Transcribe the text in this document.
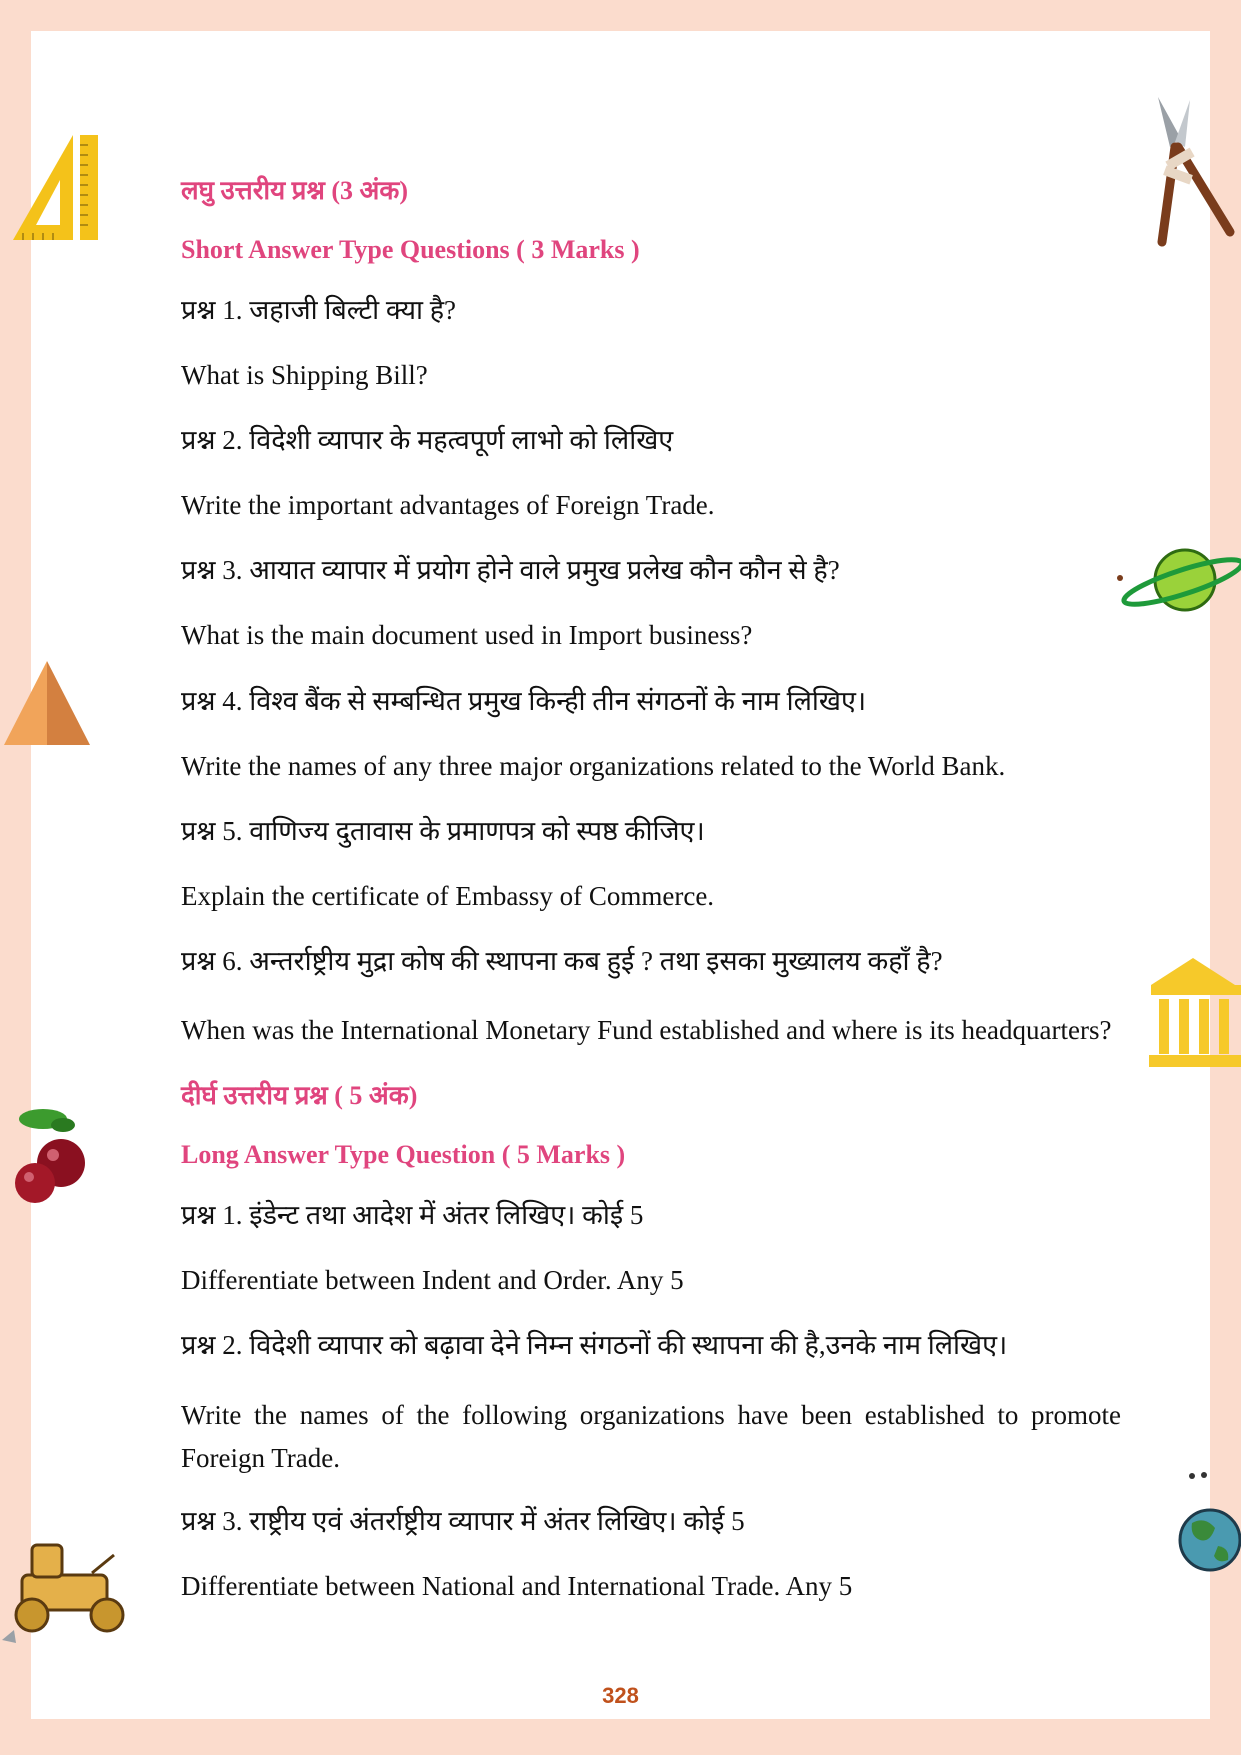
लघु उत्तरीय प्रश्न (3 अंक)

Short Answer Type Questions ( 3 Marks )

प्रश्न 1. जहाजी बिल्टी क्या है?

What is Shipping Bill?

प्रश्न 2. विदेशी व्यापार के महत्वपूर्ण लाभो को लिखिए

Write the important advantages of Foreign Trade.

प्रश्न 3. आयात व्यापार में प्रयोग होने वाले प्रमुख प्रलेख कौन कौन से है?

What is the main document used in Import business?

प्रश्न 4. विश्व बैंक से सम्बन्धित प्रमुख किन्ही तीन संगठनों के नाम लिखिए।

Write the names of any three major organizations related to the World Bank.

प्रश्न 5. वाणिज्य दुतावास के प्रमाणपत्र को स्पष्ठ कीजिए।

Explain the certificate of Embassy of Commerce.

प्रश्न 6. अन्तर्राष्ट्रीय मुद्रा कोष की स्थापना कब हुई ? तथा इसका मुख्यालय कहाँ है?

When was the International Monetary Fund established and where is its headquarters?

दीर्घ उत्तरीय प्रश्न ( 5 अंक)

Long Answer Type Question ( 5 Marks )

प्रश्न 1. इंडेन्ट तथा आदेश में अंतर लिखिए। कोई 5

Differentiate between Indent and Order. Any 5

प्रश्न 2. विदेशी व्यापार को बढ़ावा देने निम्न संगठनों की स्थापना की है,उनके नाम लिखिए।

Write the names of the following organizations have been established to promote Foreign Trade.

प्रश्न 3. राष्ट्रीय एवं अंतर्राष्ट्रीय व्यापार में अंतर लिखिए। कोई 5

Differentiate between National and International Trade. Any 5

328
